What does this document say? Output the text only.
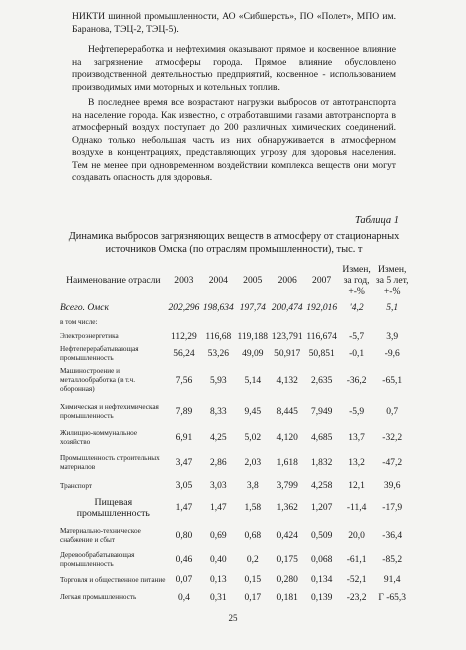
НИКТИ шинной промышленности, АО «Сибшерсть», ПО «Полет», МПО им. Баранова, ТЭЦ-2, ТЭЦ-5).

Нефтепереработка и нефтехимия оказывают прямое и косвенное влияние на загрязнение атмосферы города. Прямое влияние обусловлено производственной деятельностью предприятий, косвенное - использованием производимых ими моторных и котельных топлив.

В последнее время все возрастают нагрузки выбросов от автотранспорта на население города. Как известно, с отработавшими газами автотранспорта в атмосферный воздух поступает до 200 различных химических соединений. Однако только небольшая часть из них обнаруживается в атмосферном воздухе в концентрациях, представляющих угрозу для здоровья населения. Тем не менее при одновременном воздействии комплекса веществ они могут создавать опасность для здоровья.

Таблица 1
Динамика выбросов загрязняющих веществ в атмосферу от стационарных источников Омска (по отраслям промышленности), тыс. т
Наименование отрасли	2003	2004	2005	2006	2007	Измен, за год, +-%	Измен, за 5 лет, +-%
Всего. Омск	202,296	198,634	197,74	200,474	192,016	'4,2	5,1
в том числе:							
Электроэнергетика	112,29	116,68	119,188	123,791	116,674	-5,7	3,9
Нефтеперерабатывающая промышленность	56,24	53,26	49,09	50,917	50,851	-0,1	-9,6
Машиностроение и металлообработка (в т.ч. оборонная)	7,56	5,93	5,14	4,132	2,635	-36,2	-65,1
Химическая и нефтехимическая промышленность	7,89	8,33	9,45	8,445	7,949	-5,9	0,7
Жилищно-коммунальное хозяйство	6,91	4,25	5,02	4,120	4,685	13,7	-32,2
Промышленность строительных материалов	3,47	2,86	2,03	1,618	1,832	13,2	-47,2
Транспорт	3,05	3,03	3,8	3,799	4,258	12,1	39,6
Пищевая промышленность	1,47	1,47	1,58	1,362	1,207	-11,4	-17,9
Материально-техническое снабжение и сбыт	0,80	0,69	0,68	0,424	0,509	20,0	-36,4
Деревообрабатывающая промышленность	0,46	0,40	0,2	0,175	0,068	-61,1	-85,2
Торговля и общественное питание	0,07	0,13	0,15	0,280	0,134	-52,1	91,4
Легкая промышленность	0,4	0,31	0,17	0,181	0,139	-23,2	Г -65,3
25
